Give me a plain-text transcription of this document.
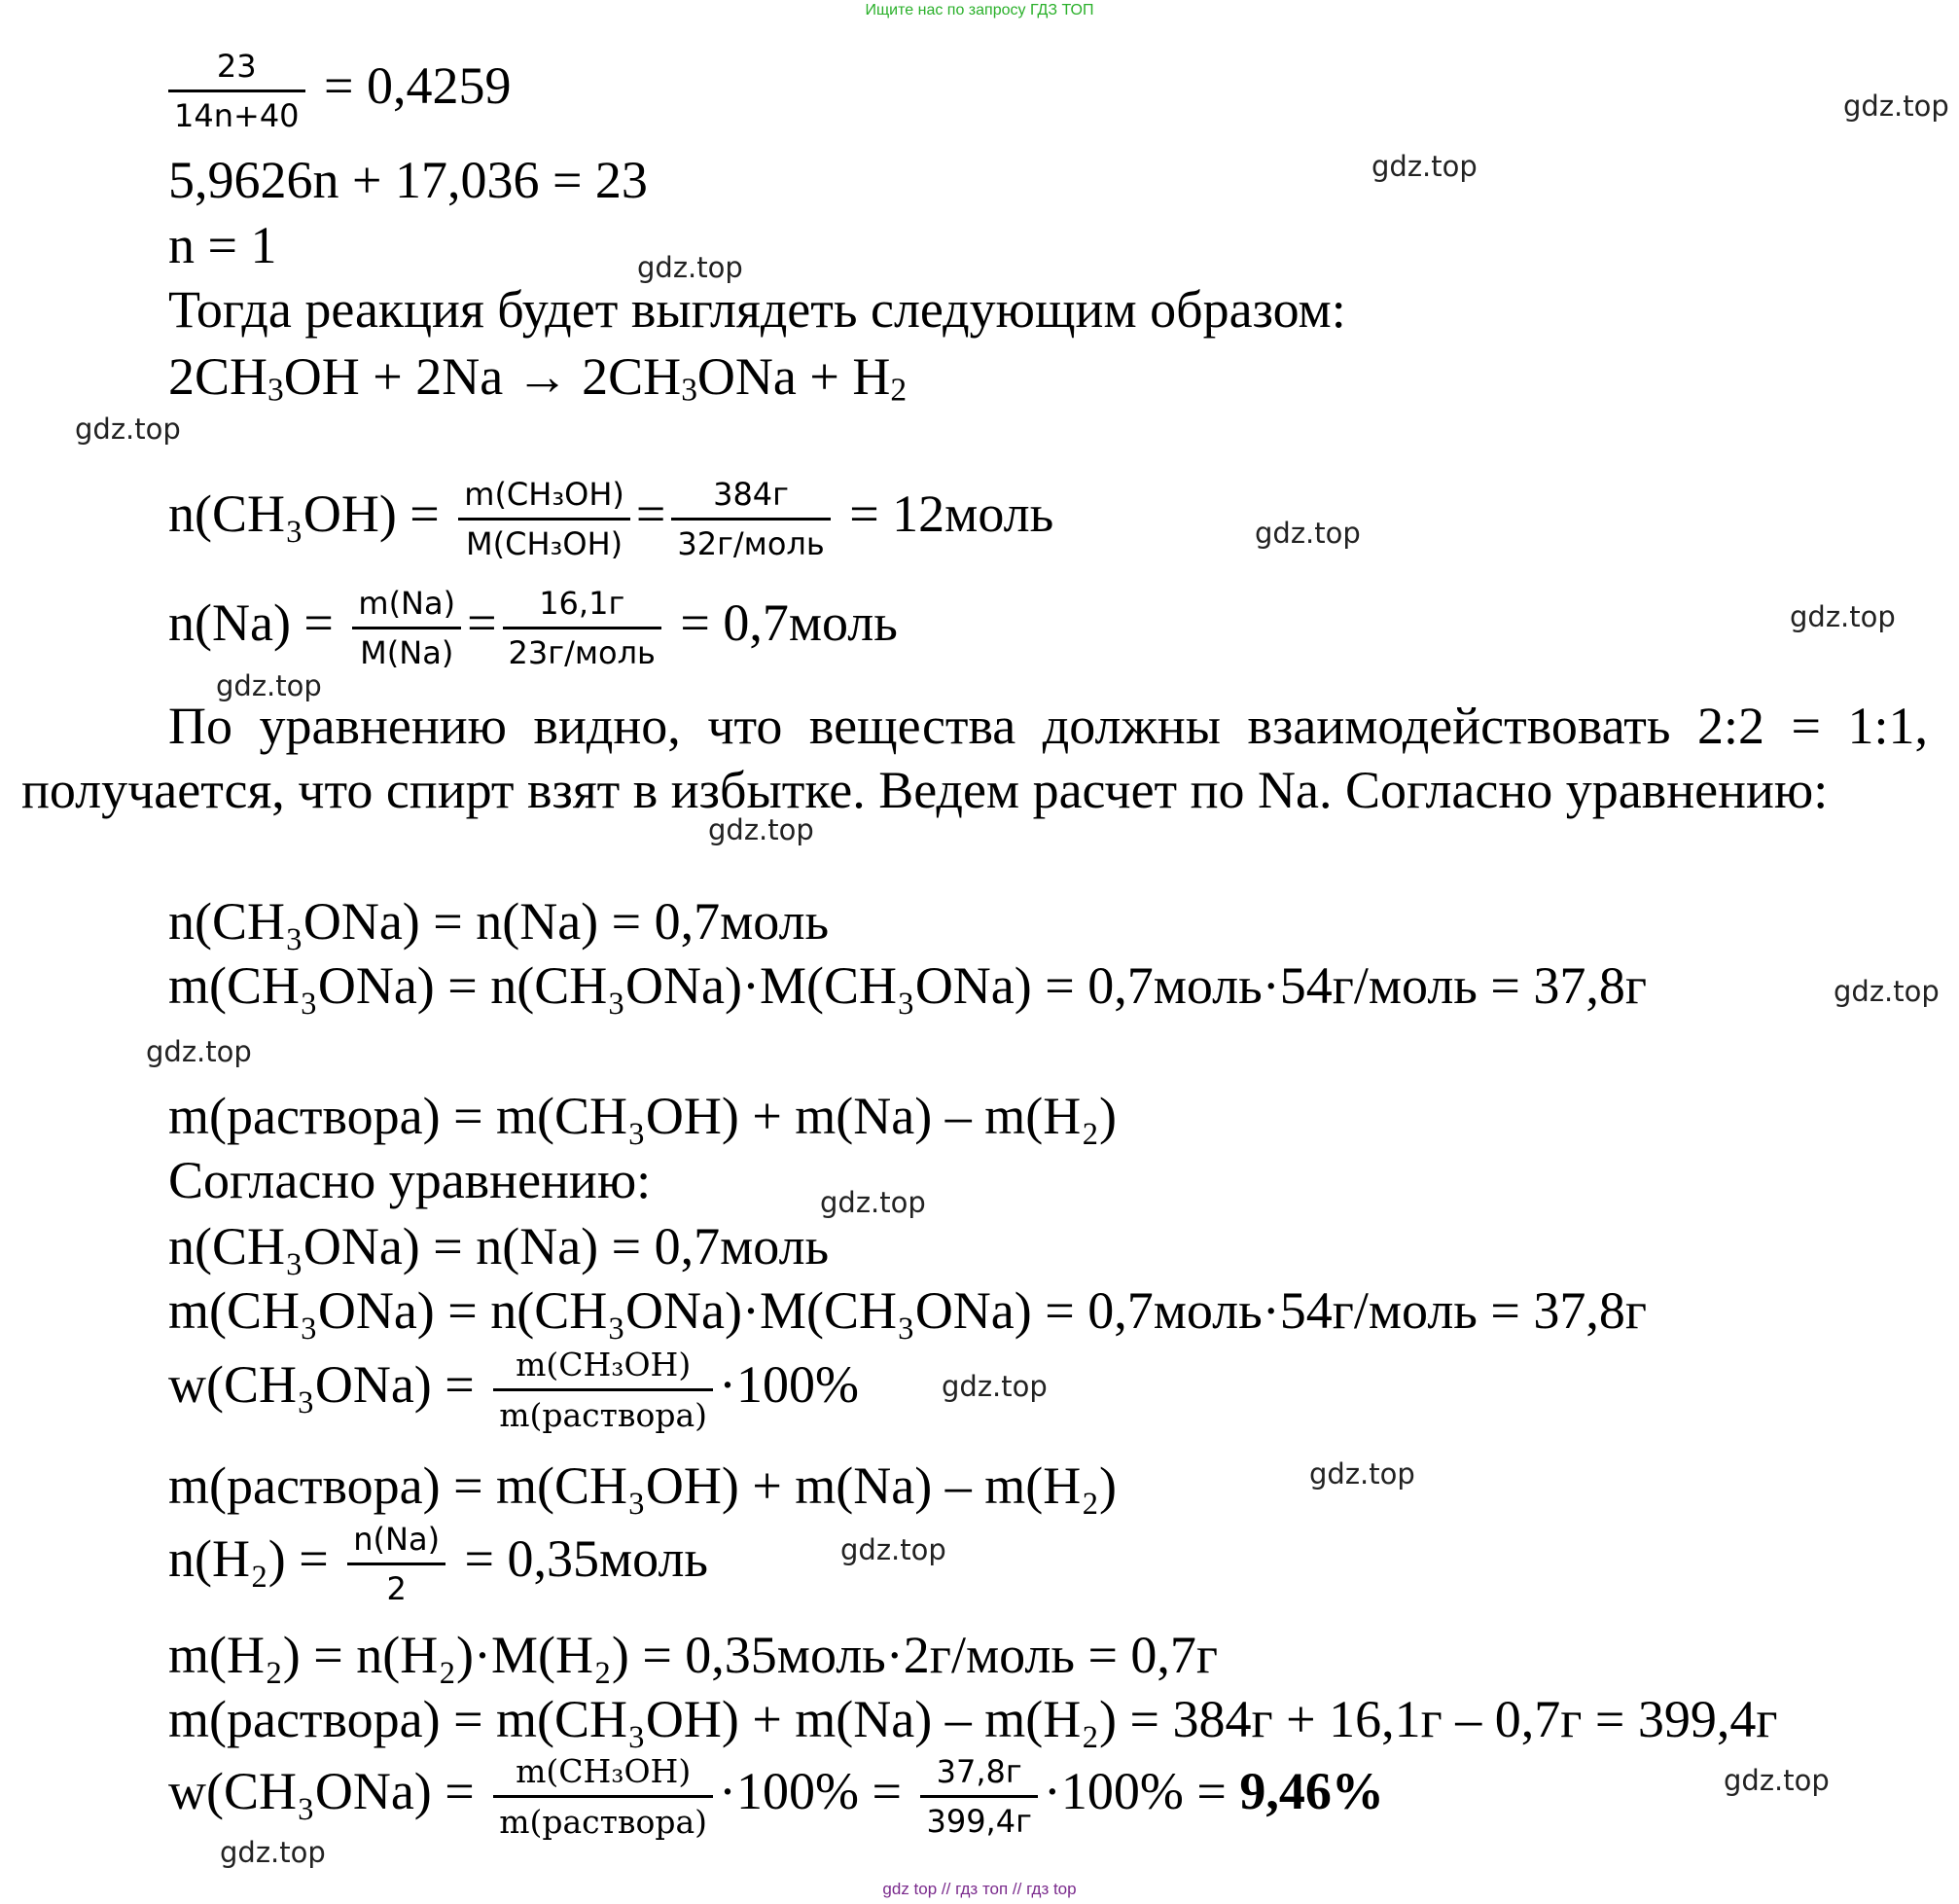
Ищите нас по запросу ГДЗ ТОП
$\frac{23}{14n+40} = 0,4259$
5,9626n + 17,036 = 23
n = 1
Тогда реакция будет выглядеть следующим образом:
$2CH_3OH + 2Na \to 2CH_3ONa + H_2$
$n(CH_3OH) = \frac{\text{m(CH₃OH)}}{\text{M(CH₃OH)}} = \frac{384г}{\text{32г/моль}}$ = 12моль
$n(Na) = \frac{m(Na)}{M(Na)} = \frac{16,1г}{\text{23г/моль}}$ = 0,7моль
По уравнению видно, что вещества должны взаимодействовать 2:2 = 1:1, получается, что спирт взят в избытке. Ведем расчет по Na. Согласно уравнению:
n(CH₃ONa) = n(Na) = 0,7моль
m(CH₃ONa) = n(CH₃ONa)·M(CH₃ONa) = 0,7моль·54г/моль = 37,8г
m(раствора) = m(CH₃OH) + m(Na) – m(H₂)
Согласно уравнению:
n(CH₃ONa) = n(Na) = 0,7моль
m(CH₃ONa) = n(CH₃ONa)·M(CH₃ONa) = 0,7моль·54г/моль = 37,8г
$w(CH_3ONa) = \frac{\text{m(CH₃OH)}}{\text{m(раствора)}} \cdot 100\%$
m(раствора) = m(CH₃OH) + m(Na) – m(H₂)
$n(H_2) = \frac{n(Na)}{2}$ = 0,35моль
m(H₂) = n(H₂)·M(H₂) = 0,35моль·2г/моль = 0,7г
m(раствора) = m(CH₃OH) + m(Na) – m(H₂) = 384г + 16,1г – 0,7г = 399,4г
$w(CH_3ONa) = \frac{\text{m(CH₃OH)}}{\text{m(раствора)}} \cdot 100\% = \frac{37,8г}{399,4г} \cdot 100\% = 9,46\%$
gdz.top
gdz.top
gdz.top
gdz.top
gdz.top
gdz.top
gdz.top
gdz.top
gdz.top
gdz.top
gdz.top
gdz.top
gdz.top
gdz.top
gdz.top
gdz.top
gdz top // гдз топ // гдз top
